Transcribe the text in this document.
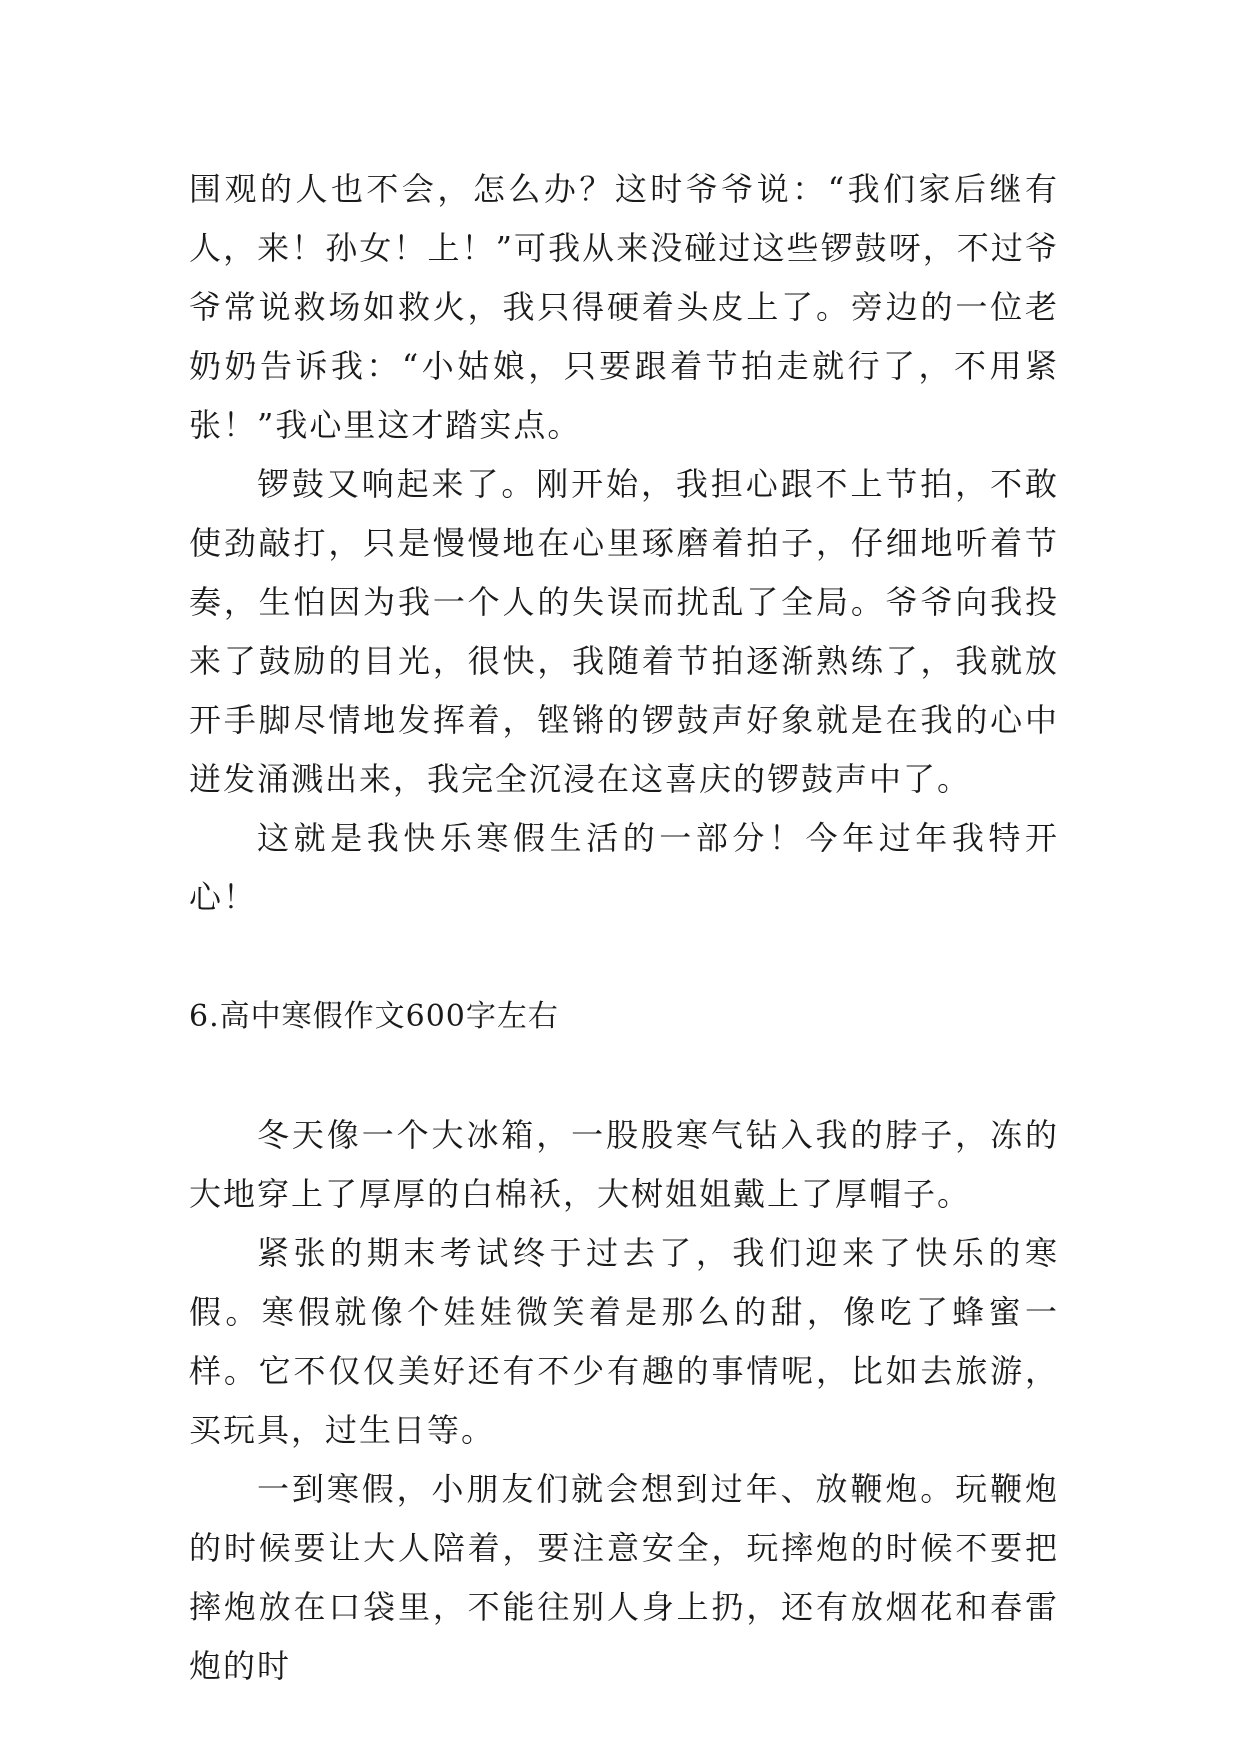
围观的人也不会，怎么办？这时爷爷说：“我们家后继有人，来！孙女！上！”可我从来没碰过这些锣鼓呀，不过爷爷常说救场如救火，我只得硬着头皮上了。旁边的一位老奶奶告诉我：“小姑娘，只要跟着节拍走就行了，不用紧张！”我心里这才踏实点。

锣鼓又响起来了。刚开始，我担心跟不上节拍，不敢使劲敲打，只是慢慢地在心里琢磨着拍子，仔细地听着节奏，生怕因为我一个人的失误而扰乱了全局。爷爷向我投来了鼓励的目光，很快，我随着节拍逐渐熟练了，我就放开手脚尽情地发挥着，铿锵的锣鼓声好象就是在我的心中迸发涌溅出来，我完全沉浸在这喜庆的锣鼓声中了。

这就是我快乐寒假生活的一部分！今年过年我特开心！

6.高中寒假作文600字左右

冬天像一个大冰箱，一股股寒气钻入我的脖子，冻的大地穿上了厚厚的白棉袄，大树姐姐戴上了厚帽子。

紧张的期末考试终于过去了，我们迎来了快乐的寒假。寒假就像个娃娃微笑着是那么的甜，像吃了蜂蜜一样。它不仅仅美好还有不少有趣的事情呢，比如去旅游，买玩具，过生日等。

一到寒假，小朋友们就会想到过年、放鞭炮。玩鞭炮的时候要让大人陪着，要注意安全，玩摔炮的时候不要把摔炮放在口袋里，不能往别人身上扔，还有放烟花和春雷炮的时
